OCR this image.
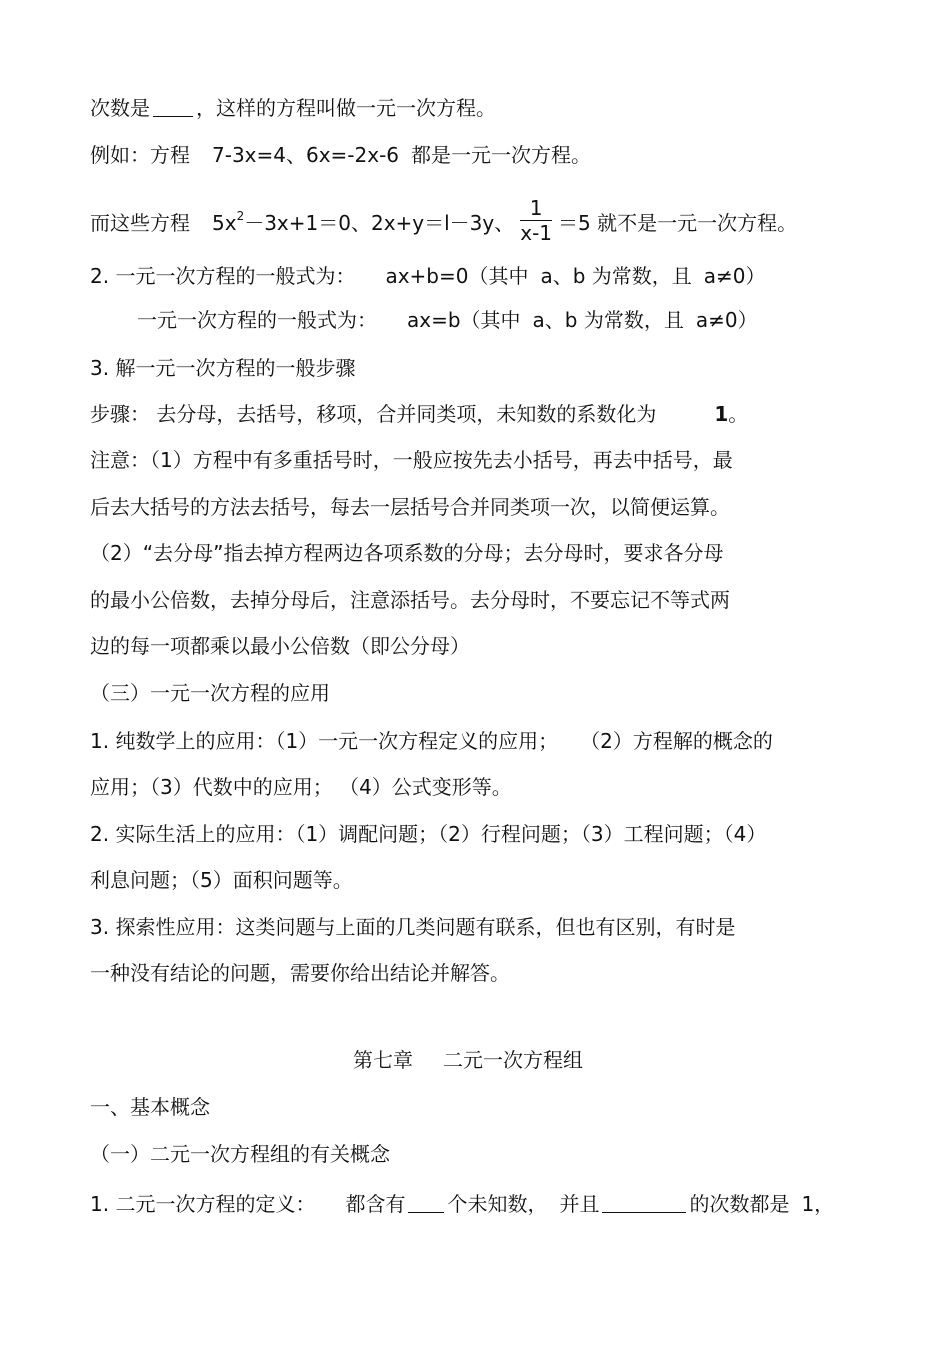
次数是 ，这样的方程叫做一元一次方程。
例如：方程 7-3x=4、6x=-2x-6 都是一元一次方程。
而这些方程 $5x^2-3x+1=0$、2x+y＝l－3y、 $\frac{1}{x-1} =5$ 就不是一元一次方程。
2. 一元一次方程的一般式为： ax+b=0（其中 a、b 为常数，且 a≠0）
一元一次方程的一般式为： ax=b（其中 a、b 为常数，且 a≠0）
3. 解一元一次方程的一般步骤
步骤： 去分母，去括号，移项，合并同类项，未知数的系数化为	1。
注意：（1）方程中有多重括号时，一般应按先去小括号，再去中括号，最
后去大括号的方法去括号，每去一层括号合并同类项一次，以简便运算。
（2）“去分母”指去掉方程两边各项系数的分母；去分母时，要求各分母
的最小公倍数，去掉分母后，注意添括号。去分母时，不要忘记不等式两
边的每一项都乘以最小公倍数（即公分母）
（三）一元一次方程的应用
1. 纯数学上的应用：（1）一元一次方程定义的应用； （2）方程解的概念的
应用；（3）代数中的应用； （4）公式变形等。
2. 实际生活上的应用：（1）调配问题；（2）行程问题；（3）工程问题；（4）
利息问题；（5）面积问题等。
3. 探索性应用：这类问题与上面的几类问题有联系，但也有区别，有时是
一种没有结论的问题，需要你给出结论并解答。
第七章 二元一次方程组
一、基本概念
（一）二元一次方程组的有关概念
1. 二元一次方程的定义： 都含有 个未知数， 并且	的次数都是 1，
